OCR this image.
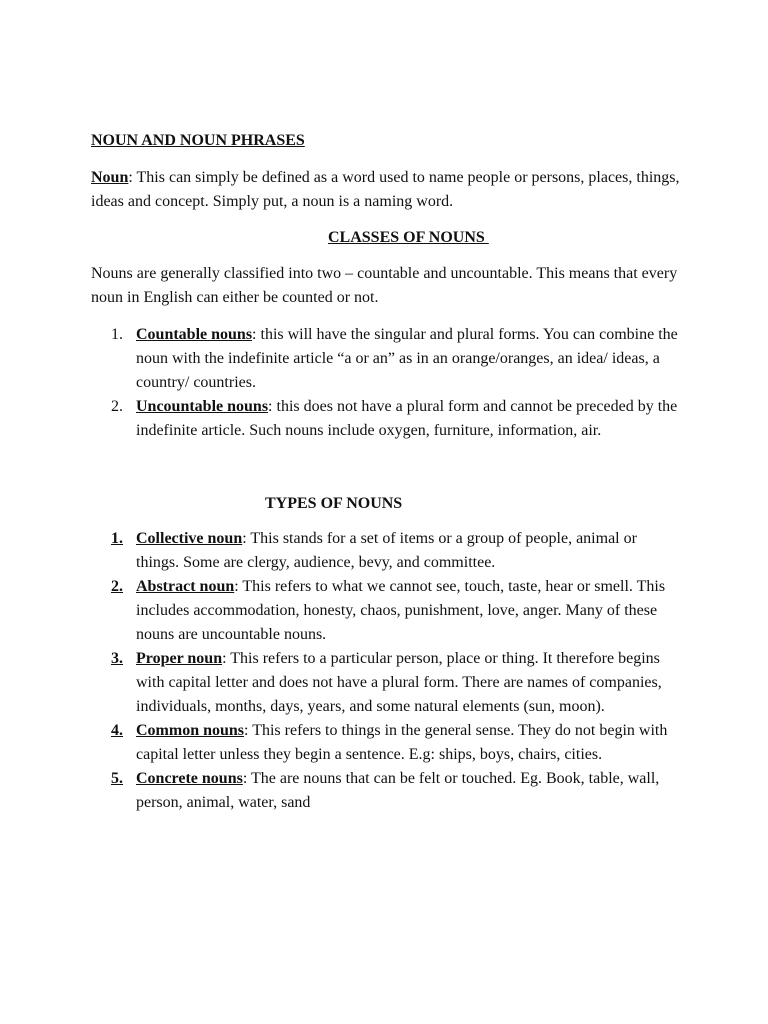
NOUN AND NOUN PHRASES

Noun: This can simply be defined as a word used to name people or persons, places, things, ideas and concept. Simply put, a noun is a naming word.

CLASSES OF NOUNS

Nouns are generally classified into two – countable and uncountable. This means that every noun in English can either be counted or not.

1. Countable nouns: this will have the singular and plural forms. You can combine the noun with the indefinite article “a or an” as in an orange/oranges, an idea/ ideas, a country/ countries.
2. Uncountable nouns: this does not have a plural form and cannot be preceded by the indefinite article. Such nouns include oxygen, furniture, information, air.
TYPES OF NOUNS
1. Collective noun: This stands for a set of items or a group of people, animal or things. Some are clergy, audience, bevy, and committee.
2. Abstract noun: This refers to what we cannot see, touch, taste, hear or smell. This includes accommodation, honesty, chaos, punishment, love, anger. Many of these nouns are uncountable nouns.
3. Proper noun: This refers to a particular person, place or thing. It therefore begins with capital letter and does not have a plural form. There are names of companies, individuals, months, days, years, and some natural elements (sun, moon).
4. Common nouns: This refers to things in the general sense. They do not begin with capital letter unless they begin a sentence. E.g: ships, boys, chairs, cities.
5. Concrete nouns: The are nouns that can be felt or touched. Eg. Book, table, wall, person, animal, water, sand
